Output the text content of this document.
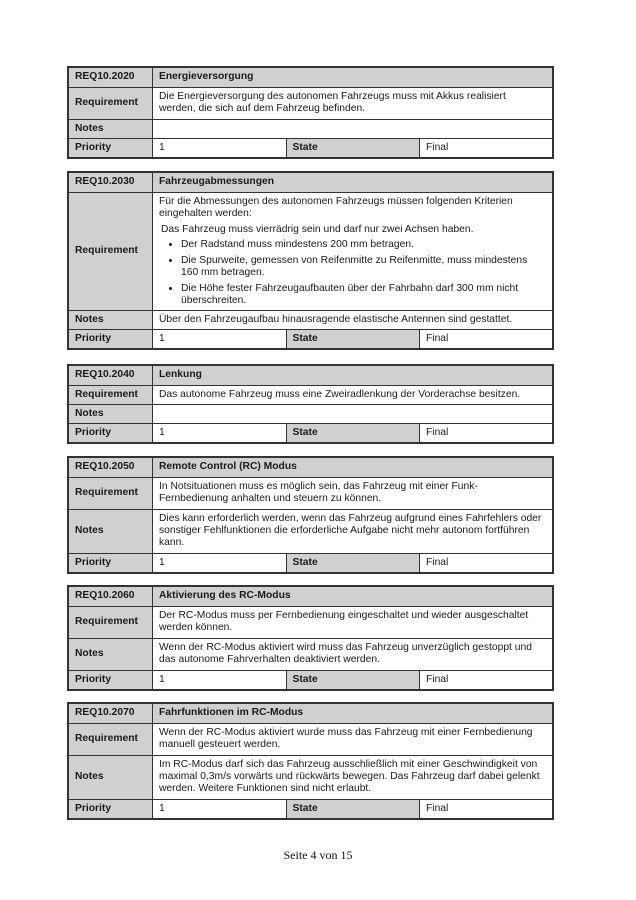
REQ10.2020	Energieversorgung		
Requirement	Die Energieversorgung des autonomen Fahrzeugs muss mit Akkus realisiert werden, die sich auf dem Fahrzeug befinden.		
Notes			
Priority	1	State	Final
REQ10.2030	Fahrzeugabmessungen		
Requirement	
Für die Abmessungen des autonomen Fahrzeugs müssen folgenden Kriterien eingehalten werden:
Das Fahrzeug muss vierrädrig sein und darf nur zwei Achsen haben.
• Der Radstand muss mindestens 200 mm betragen.
• Die Spurweite, gemessen von Reifenmitte zu Reifenmitte, muss mindestens 160 mm betragen.
• Die Höhe fester Fahrzeugaufbauten über der Fahrbahn darf 300 mm nicht überschreiten.

Notes	Über den Fahrzeugaufbau hinausragende elastische Antennen sind gestattet.		
Priority	1	State	Final
REQ10.2040	Lenkung		
Requirement	Das autonome Fahrzeug muss eine Zweiradlenkung der Vorderachse besitzen.		
Notes			
Priority	1	State	Final
REQ10.2050	Remote Control (RC) Modus		
Requirement	In Notsituationen muss es möglich sein, das Fahrzeug mit einer Funk-Fernbedienung anhalten und steuern zu können.		
Notes	Dies kann erforderlich werden, wenn das Fahrzeug aufgrund eines Fahrfehlers oder sonstiger Fehlfunktionen die erforderliche Aufgabe nicht mehr autonom fortführen kann.		
Priority	1	State	Final
REQ10.2060	Aktivierung des RC-Modus		
Requirement	Der RC-Modus muss per Fernbedienung eingeschaltet und wieder ausgeschaltet werden können.		
Notes	Wenn der RC-Modus aktiviert wird muss das Fahrzeug unverzüglich gestoppt und das autonome Fahrverhalten deaktiviert werden.		
Priority	1	State	Final
REQ10.2070	Fahrfunktionen im RC-Modus		
Requirement	Wenn der RC-Modus aktiviert wurde muss das Fahrzeug mit einer Fernbedienung manuell gesteuert werden.		
Notes	Im RC-Modus darf sich das Fahrzeug ausschließlich mit einer Geschwindigkeit von maximal 0,3m/s vorwärts und rückwärts bewegen. Das Fahrzeug darf dabei gelenkt werden. Weitere Funktionen sind nicht erlaubt.		
Priority	1	State	Final
Seite 4 von 15
